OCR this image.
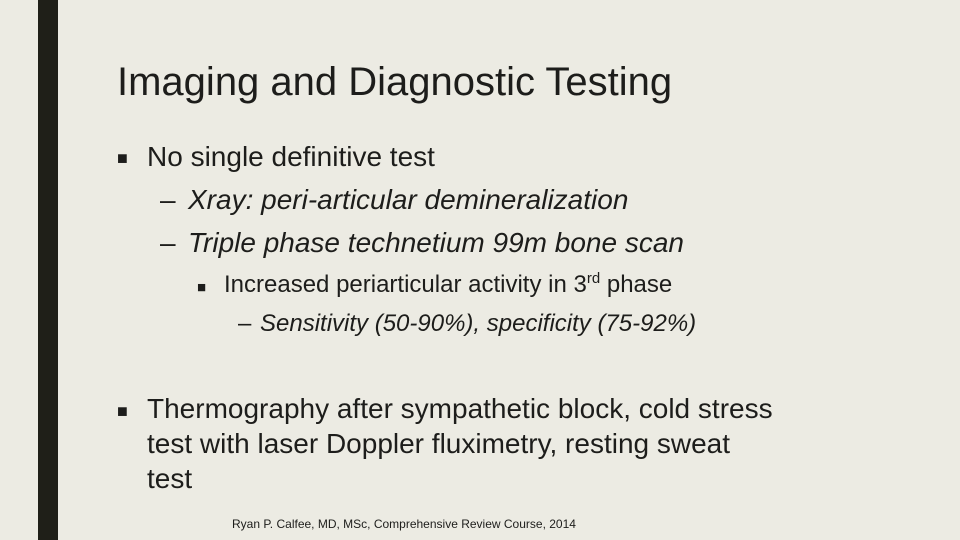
Imaging and Diagnostic Testing
■ No single definitive test
– Xray: peri-articular demineralization
– Triple phase technetium 99m bone scan
■ Increased periarticular activity in 3rd phase
– Sensitivity (50-90%), specificity (75-92%)
■ Thermography after sympathetic block, cold stress
test with laser Doppler fluximetry, resting sweat
test
Ryan P. Calfee, MD, MSc, Comprehensive Review Course, 2014
